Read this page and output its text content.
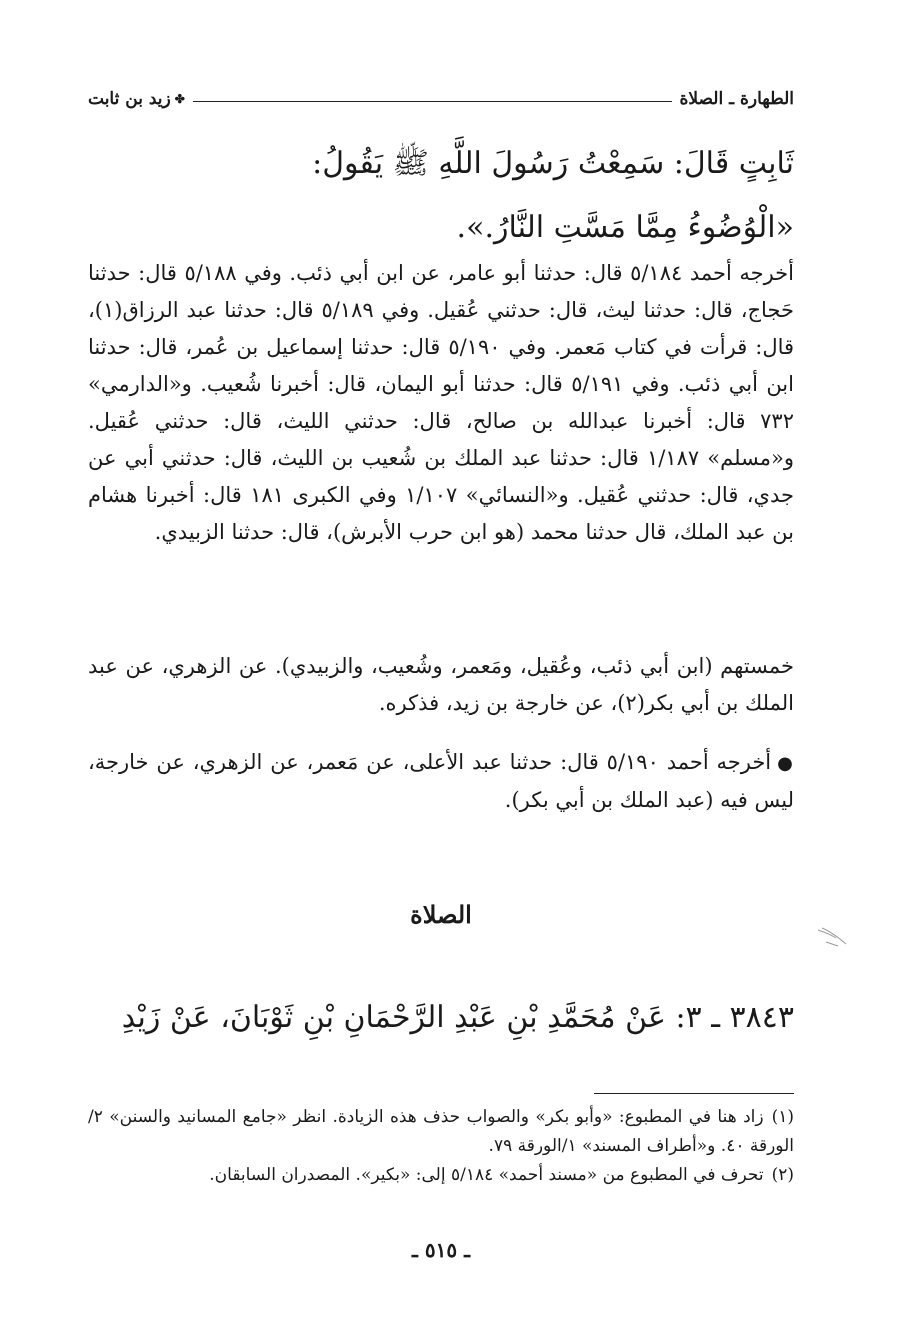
الطهارة ـ الصلاة
✤
زيد بن ثابت
ثَابِتٍ قَالَ: سَمِعْتُ رَسُولَ اللَّهِ ﷺ يَقُولُ:
«الْوُضُوءُ مِمَّا مَسَّتِ النَّارُ.».
أخرجه أحمد ٥/١٨٤ قال: حدثنا أبو عامر، عن ابن أبي ذئب. وفي ٥/١٨٨ قال: حدثنا حَجاج، قال: حدثنا ليث، قال: حدثني عُقيل. وفي ٥/١٨٩ قال: حدثنا عبد الرزاق(١)، قال: قرأت في كتاب مَعمر. وفي ٥/١٩٠ قال: حدثنا إسماعيل بن عُمر، قال: حدثنا ابن أبي ذئب. وفي ٥/١٩١ قال: حدثنا أبو اليمان، قال: أخبرنا شُعيب. و«الدارمي» ٧٣٢ قال: أخبرنا عبدالله بن صالح، قال: حدثني الليث، قال: حدثني عُقيل. و«مسلم» ١/١٨٧ قال: حدثنا عبد الملك بن شُعيب بن الليث، قال: حدثني أبي عن جدي، قال: حدثني عُقيل. و«النسائي» ١/١٠٧ وفي الكبرى ١٨١ قال: أخبرنا هشام بن عبد الملك، قال حدثنا محمد (هو ابن حرب الأبرش)، قال: حدثنا الزبيدي.
خمستهم (ابن أبي ذئب، وعُقيل، ومَعمر، وشُعيب، والزبيدي). عن الزهري، عن عبد الملك بن أبي بكر(٢)، عن خارجة بن زيد، فذكره.
●أخرجه أحمد ٥/١٩٠ قال: حدثنا عبد الأعلى، عن مَعمر، عن الزهري، عن خارجة، ليس فيه (عبد الملك بن أبي بكر).
الصلاة
٣٨٤٣ ـ ٣: عَنْ مُحَمَّدِ بْنِ عَبْدِ الرَّحْمَانِ بْنِ ثَوْبَانَ، عَنْ زَيْدِ
(١)زاد هنا في المطبوع: «وأبو بكر» والصواب حذف هذه الزيادة. انظر «جامع المسانيد والسنن» ٢/ الورقة ٤٠. و«أطراف المسند» ١/الورقة ٧٩.
(٢)تحرف في المطبوع من «مسند أحمد» ٥/١٨٤ إلى: «بكير». المصدران السابقان.
ـ ٥١٥ ـ
